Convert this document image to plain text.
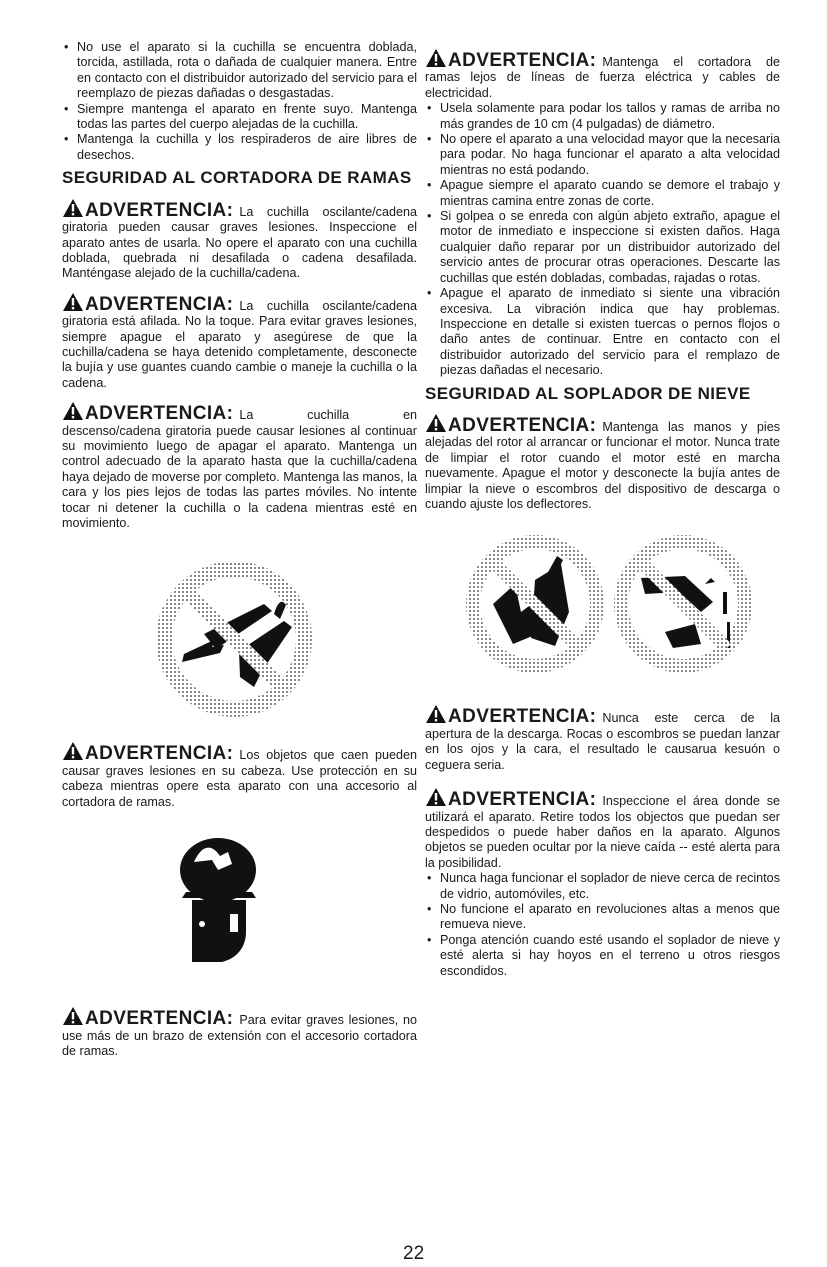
• No use el aparato si la cuchilla se encuentra doblada, torcida, astillada, rota o dañada de cualquier manera. Entre en contacto con el distribuidor autorizado del servicio para el reemplazo de piezas dañadas o desgastadas.
• Siempre mantenga el aparato en frente suyo. Mantenga todas las partes del cuerpo alejadas de la cuchilla.
• Mantenga la cuchilla y los respiraderos de aire libres de desechos.
SEGURIDAD AL CORTADORA DE RAMAS

ADVERTENCIA: La cuchilla oscilante/cadena giratoria pueden causar graves lesiones. Inspeccione el aparato antes de usarla. No opere el aparato con una cuchilla doblada, quebrada ni desafilada o cadena desafilada. Manténgase alejado de la cuchilla/cadena.

ADVERTENCIA: La cuchilla oscilante/cadena giratoria está afilada. No la toque. Para evitar graves lesiones, siempre apague el aparato y asegúrese de que la cuchilla/cadena se haya detenido completamente, desconecte la bujía y use guantes cuando cambie o maneje la cuchilla o la cadena.

ADVERTENCIA: La cuchilla en descenso/cadena giratoria puede causar lesiones al continuar su movimiento luego de apagar el aparato. Mantenga un control adecuado de la aparato hasta que la cuchilla/cadena haya dejado de moverse por completo. Mantenga las manos, la cara y los pies lejos de todas las partes móviles. No intente tocar ni detener la cuchilla o la cadena mientras esté en movimiento.

ADVERTENCIA: Los objetos que caen pueden causar graves lesiones en su cabeza. Use protección en su cabeza mientras opere esta aparato con una accesorio al cortadora de ramas.

ADVERTENCIA: Para evitar graves lesiones, no use más de un brazo de extensión con el accesorio cortadora de ramas.

ADVERTENCIA: Mantenga el cortadora de ramas lejos de líneas de fuerza eléctrica y cables de electricidad.

• Usela solamente para podar los tallos y ramas de arriba no más grandes de 10 cm (4 pulgadas) de diámetro.
• No opere el aparato a una velocidad mayor que la necesaria para podar. No haga funcionar el aparato a alta velocidad mientras no está podando.
• Apague siempre el aparato cuando se demore el trabajo y mientras camina entre zonas de corte.
• Si golpea o se enreda con algún abjeto extraño, apague el motor de inmediato e inspeccione si existen daños. Haga cualquier daño reparar por un distribuidor autorizado del servicio antes de procurar otras operaciones. Descarte las cuchillas que estén dobladas, combadas, rajadas o rotas.
• Apague el aparato de inmediato si siente una vibración excesiva. La vibración indica que hay problemas. Inspeccione en detalle si existen tuercas o pernos flojos o daño antes de continuar. Entre en contacto con el distribuidor autorizado del servicio para el remplazo de piezas dañadas el necesario.
SEGURIDAD AL SOPLADOR DE NIEVE

ADVERTENCIA: Mantenga las manos y pies alejadas del rotor al arrancar or funcionar el motor. Nunca trate de limpiar el rotor cuando el motor esté en marcha nuevamente. Apague el motor y desconecte la bujía antes de limpiar la nieve o escombros del dispositivo de descarga o cuando ajuste los deflectores.

ADVERTENCIA: Nunca este cerca de la apertura de la descarga. Rocas o escombros se puedan lanzar en los ojos y la cara, el resultado le causarua kesuón o ceguera seria.

ADVERTENCIA: Inspeccione el área donde se utilizará el aparato. Retire todos los objectos que puedan ser despedidos o puede haber daños en la aparato. Algunos objetos se pueden ocultar por la nieve caída -- esté alerta para la posibilidad.

• Nunca haga funcionar el soplador de nieve cerca de recintos de vidrio, automóviles, etc.
• No funcione el aparato en revoluciones altas a menos que remueva nieve.
• Ponga atención cuando esté usando el soplador de nieve y esté alerta si hay hoyos en el terreno u otros riesgos escondidos.
22
